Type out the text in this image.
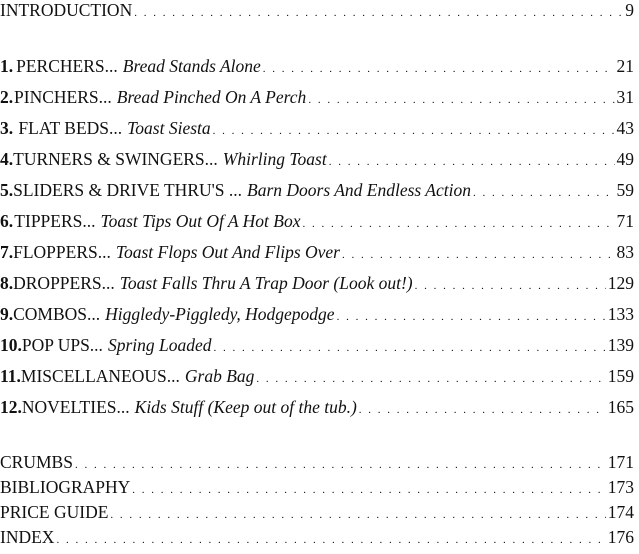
INTRODUCTION . . .	9
1. PERCHERS... Bread Stands Alone . . .	21
2. PINCHERS... Bread Pinched On A Perch . . .	31
3. FLAT BEDS... Toast Siesta . . .	43
4. TURNERS & SWINGERS... Whirling Toast . . .	49
5. SLIDERS & DRIVE THRU'S ... Barn Doors And Endless Action . . .	59
6. TIPPERS... Toast Tips Out Of A Hot Box . . .	71
7. FLOPPERS... Toast Flops Out And Flips Over . . .	83
8. DROPPERS... Toast Falls Thru A Trap Door (Look out!) . . .	129
9. COMBOS... Higgledy-Piggledy, Hodgepodge . . .	133
10. POP UPS... Spring Loaded . . .	139
11. MISCELLANEOUS... Grab Bag . . .	159
12. NOVELTIES... Kids Stuff (Keep out of the tub.) . . .	165
CRUMBS . . .	171
BIBLIOGRAPHY . . .	173
PRICE GUIDE . . .	174
INDEX . . .	176
